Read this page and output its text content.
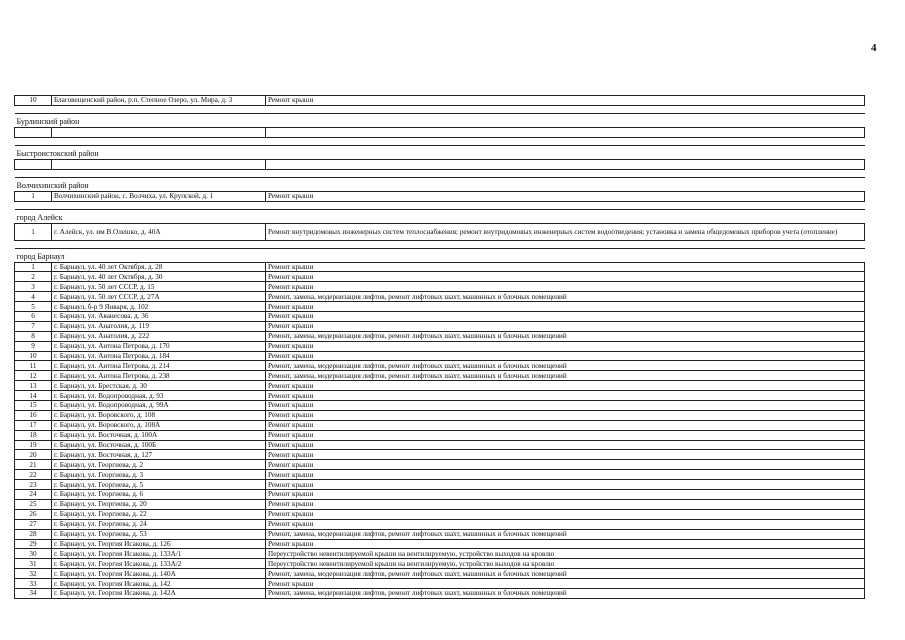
4
10	Благовещенский район, р.п. Степное Озеро, ул. Мира, д. 3	Ремонт крыши

Бурлинский район		

Быстроистокский район		

Волчихинский район		
1	Волчихинский район, с. Волчиха, ул. Крупской, д. 1	Ремонт крыши

город Алейск		
1	г. Алейск, ул. им В.Олешко, д. 40А	Ремонт внутридомовых инженерных систем теплоснабжения; ремонт внутридомовых инженерных систем водоотведения; установка и замена общедомовых приборов учета (отопление)

город Барнаул		
1	г. Барнаул, ул. 40 лет Октября, д. 28	Ремонт крыши
2	г. Барнаул, ул. 40 лет Октября, д. 30	Ремонт крыши
3	г. Барнаул, ул. 50 лет СССР, д. 15	Ремонт крыши
4	г. Барнаул, ул. 50 лет СССР, д. 27А	Ремонт, замена, модернизация лифтов, ремонт лифтовых шахт, машинных и блочных помещений
5	г. Барнаул, б-р 9 Января, д. 102	Ремонт крыши
6	г. Барнаул, ул. Аванесова, д. 36	Ремонт крыши
7	г. Барнаул, ул. Анатолия, д. 119	Ремонт крыши
8	г. Барнаул, ул. Анатолия, д. 222	Ремонт, замена, модернизация лифтов, ремонт лифтовых шахт, машинных и блочных помещений
9	г. Барнаул, ул. Антона Петрова, д. 170	Ремонт крыши
10	г. Барнаул, ул. Антона Петрова, д. 184	Ремонт крыши
11	г. Барнаул, ул. Антона Петрова, д. 214	Ремонт, замена, модернизация лифтов, ремонт лифтовых шахт, машинных и блочных помещений
12	г. Барнаул, ул. Антона Петрова, д. 238	Ремонт, замена, модернизация лифтов, ремонт лифтовых шахт, машинных и блочных помещений
13	г. Барнаул, ул. Брестская, д. 30	Ремонт крыши
14	г. Барнаул, ул. Водопроводная, д. 93	Ремонт крыши
15	г. Барнаул, ул. Водопроводная, д. 99А	Ремонт крыши
16	г. Барнаул, ул. Воровского, д. 108	Ремонт крыши
17	г. Барнаул, ул. Воровского, д. 108А	Ремонт крыши
18	г. Барнаул, ул. Восточная, д. 100А	Ремонт крыши
19	г. Барнаул, ул. Восточная, д. 100Б	Ремонт крыши
20	г. Барнаул, ул. Восточная, д. 127	Ремонт крыши
21	г. Барнаул, ул. Георгиева, д. 2	Ремонт крыши
22	г. Барнаул, ул. Георгиева, д. 3	Ремонт крыши
23	г. Барнаул, ул. Георгиева, д. 5	Ремонт крыши
24	г. Барнаул, ул. Георгиева, д. 6	Ремонт крыши
25	г. Барнаул, ул. Георгиева, д. 20	Ремонт крыши
26	г. Барнаул, ул. Георгиева, д. 22	Ремонт крыши
27	г. Барнаул, ул. Георгиева, д. 24	Ремонт крыши
28	г. Барнаул, ул. Георгиева, д. 53	Ремонт, замена, модернизация лифтов, ремонт лифтовых шахт, машинных и блочных помещений
29	г. Барнаул, ул. Георгия Исакова, д. 126	Ремонт крыши
30	г. Барнаул, ул. Георгия Исакова, д. 133А/1	Переустройство невентилируемой крыши на вентилируемую, устройство выходов на кровлю
31	г. Барнаул, ул. Георгия Исакова, д. 133А/2	Переустройство невентилируемой крыши на вентилируемую, устройство выходов на кровлю
32	г. Барнаул, ул. Георгия Исакова, д. 140А	Ремонт, замена, модернизация лифтов, ремонт лифтовых шахт, машинных и блочных помещений
33	г. Барнаул, ул. Георгия Исакова, д. 142	Ремонт крыши
34	г. Барнаул, ул. Георгия Исакова, д. 142А	Ремонт, замена, модернизация лифтов, ремонт лифтовых шахт, машинных и блочных помещений
